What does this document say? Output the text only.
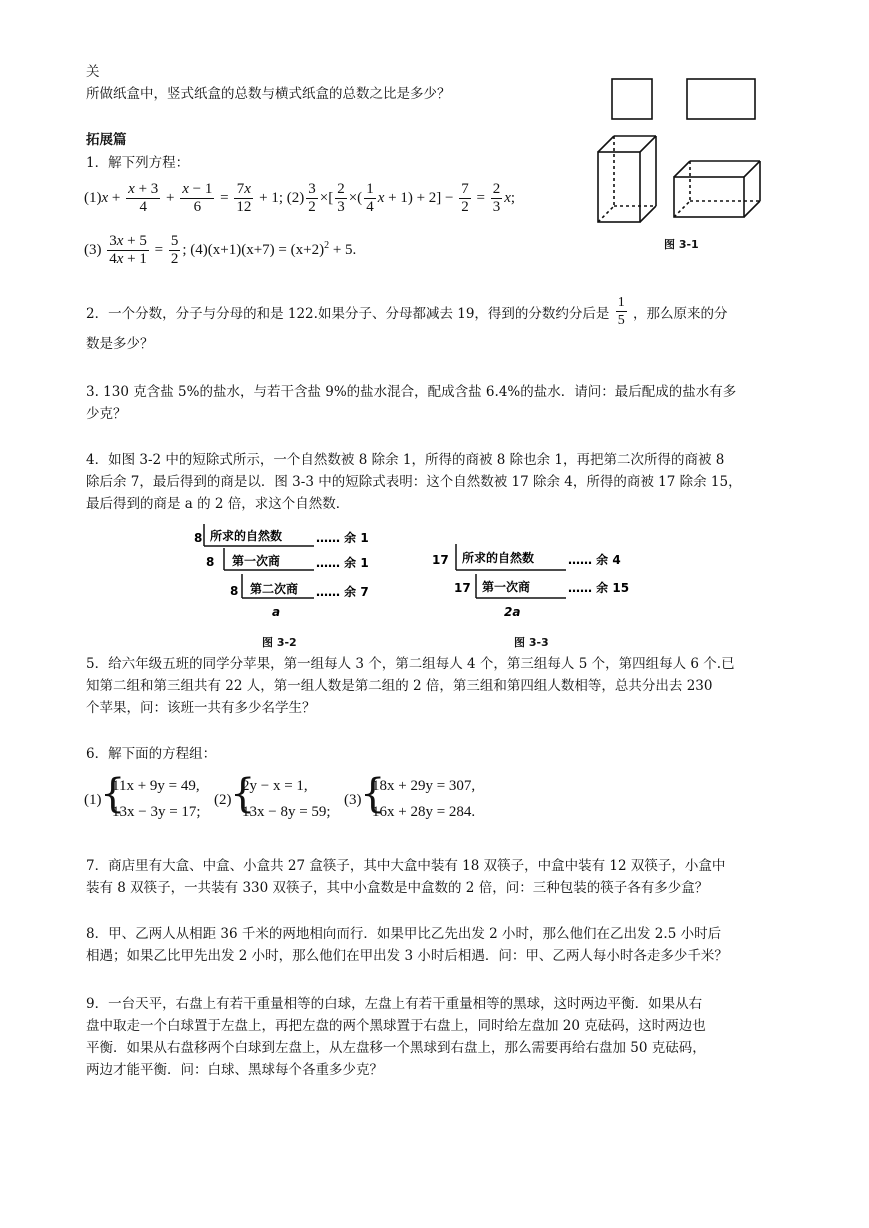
关
所做纸盒中，竖式纸盒的总数与横式纸盒的总数之比是多少？
图 3-1
拓展篇
1．解下列方程：
$(1)x + \frac{x + 3}{4} + \frac{x - 1}{6} = \frac{7x}{12} + 1$; $(2) \frac{3}{2}$ ×[ $\frac{2}{3}$ ×( $\frac{1}{4}$ $x + 1) + 2] - \frac{7}{2} = \frac{2}{3} x$;
$(3) \frac{3x + 5}{4x + 1} = \frac{5}{2}$ ; $(4)(x+1)(x+7) = (x+2)^2 + 5$.
2．一个分数，分子与分母的和是 122.如果分子、分母都减去 19，得到的分数约分后是 $\frac{1}{5}$ ，那么原来的分
数是多少？
3. 130 克含盐 5%的盐水，与若干含盐 9%的盐水混合，配成含盐 6.4%的盐水．请问：最后配成的盐水有多
少克？
4．如图 3-2 中的短除式所示，一个自然数被 8 除余 1，所得的商被 8 除也余 1，再把第二次所得的商被 8
除后余 7，最后得到的商是以．图 3-3 中的短除式表明：这个自然数被 17 除余 4，所得的商被 17 除余 15，
最后得到的商是 a 的 2 倍，求这个自然数．
8 所求的自然数	…… 余 1
8 第一次商	…… 余 1
8 第二次商 …… 余 7
a
图 3-2
17 所求的自然数	…… 余 4
17 第一次商	…… 余 15
2a
图 3-3
5．给六年级五班的同学分苹果，第一组每人 3 个，第二组每人 4 个，第三组每人 5 个，第四组每人 6 个.已
知第二组和第三组共有 22 人，第一组人数是第二组的 2 倍，第三组和第四组人数相等，总共分出去 230
个苹果，问：该班一共有多少名学生？
6．解下面的方程组：
(1)
{
11x + 9y = 49,
13x − 3y = 17;
(2)
{
2y − x = 1,
13x − 8y = 59;
(3)
{
18x + 29y = 307,
16x + 28y = 284.
7．商店里有大盒、中盒、小盒共 27 盒筷子，其中大盒中装有 18 双筷子，中盒中装有 12 双筷子，小盒中
装有 8 双筷子，一共装有 330 双筷子，其中小盒数是中盒数的 2 倍，问：三种包装的筷子各有多少盒？
8．甲、乙两人从相距 36 千米的两地相向而行．如果甲比乙先出发 2 小时，那么他们在乙出发 2.5 小时后
相遇；如果乙比甲先出发 2 小时，那么他们在甲出发 3 小时后相遇．问：甲、乙两人每小时各走多少千米？
9．一台天平，右盘上有若干重量相等的白球，左盘上有若干重量相等的黑球，这时两边平衡．如果从右
盘中取走一个白球置于左盘上，再把左盘的两个黑球置于右盘上，同时给左盘加 20 克砝码，这时两边也
平衡．如果从右盘移两个白球到左盘上，从左盘移一个黑球到右盘上，那么需要再给右盘加 50 克砝码，
两边才能平衡．问：白球、黑球每个各重多少克？
